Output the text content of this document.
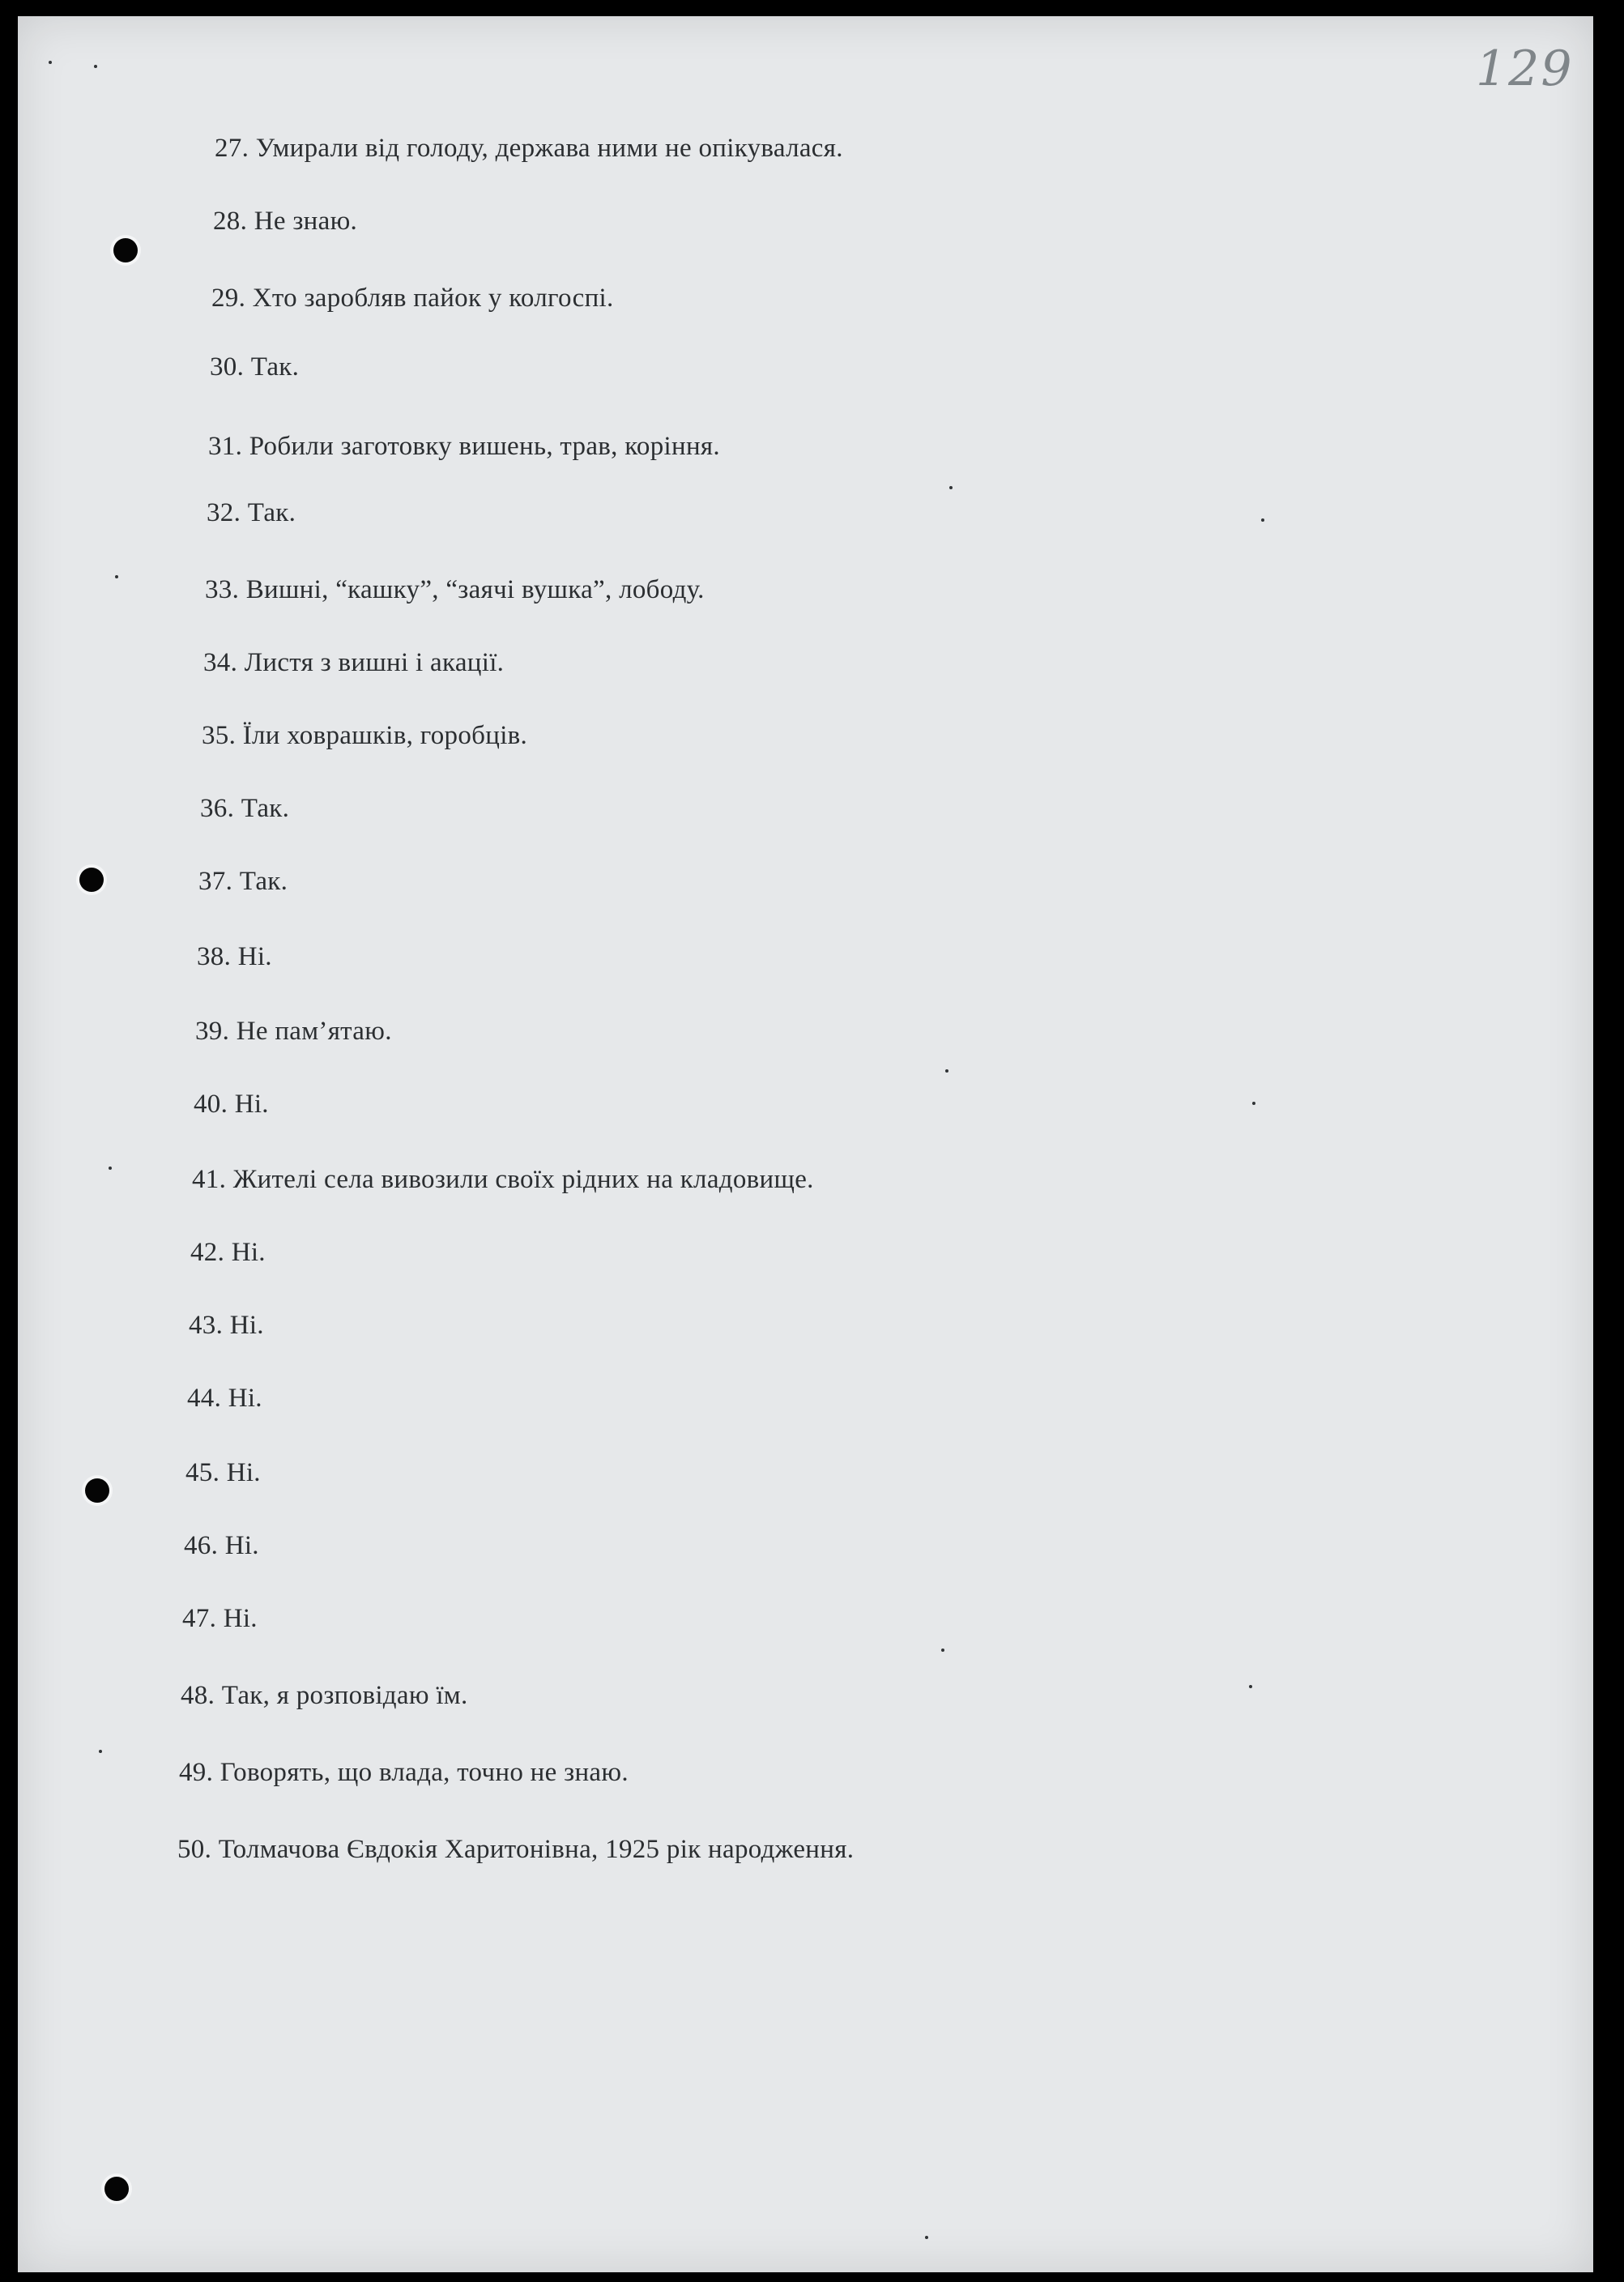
129
27. Умирали від голоду, держава ними не опікувалася.
28. Не знаю.
29. Хто заробляв пайок у колгоспі.
30. Так.
31. Робили заготовку вишень, трав, коріння.
32. Так.
33. Вишні, “кашку”, “заячі вушка”, лободу.
34. Листя з вишні і акації.
35. Їли ховрашків, горобців.
36. Так.
37. Так.
38. Ні.
39. Не пам’ятаю.
40. Ні.
41. Жителі села вивозили своїх рідних на кладовище.
42. Ні.
43. Ні.
44. Ні.
45. Ні.
46. Ні.
47. Ні.
48. Так, я розповідаю їм.
49. Говорять, що влада, точно не знаю.
50. Толмачова Євдокія Харитонівна, 1925 рік народження.
